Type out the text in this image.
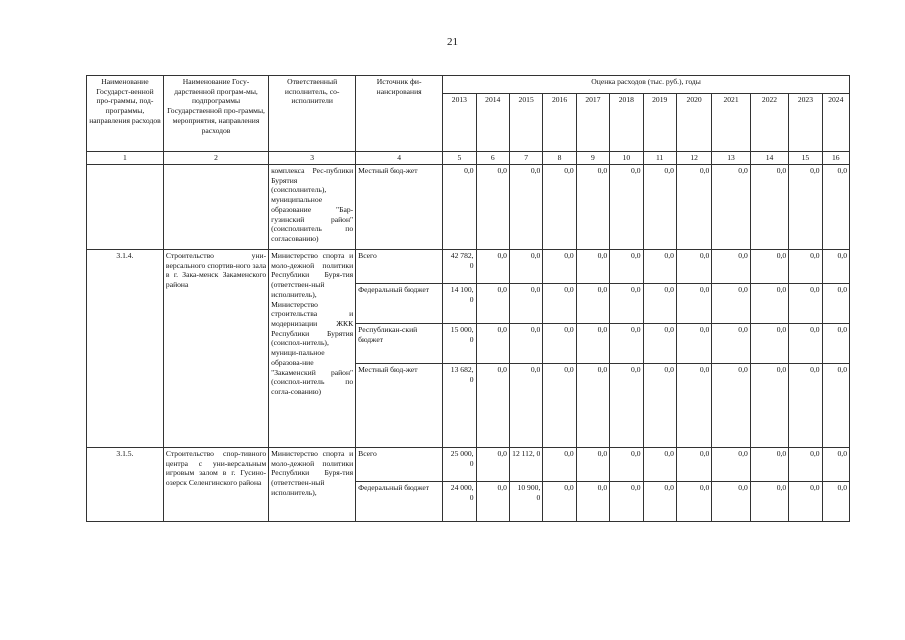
21
Наименование Государст-венной про-граммы, под-программы, направления расходов	Наименование Госу-дарственной програм-мы, подпрограммы Государственной про-граммы, мероприятия, направления расходов	Ответственный исполнитель, со-исполнители	Источник фи-нансирования	Оценка расходов (тыс. руб.), годы											
				2013	2014	2015	2016	2017	2018	2019	2020	2021	2022	2023	2024
1	2	3	4	5	6	7	8	9	10	11	12	13	14	15	16
		комплекса Рес-публики Бурятия (соисполнитель), муниципальное образование "Бар-гузинский район" (соисполнитель по согласованию)	Местный бюд-жет	0,0	0,0	0,0	0,0	0,0	0,0	0,0	0,0	0,0	0,0	0,0	0,0
3.1.4.	Строительство уни-версального спортив-ного зала в г. Зака-менск Закаменского района	Министерство спорта и моло-дежной политики Республики Буря-тия (ответствен-ный исполнитель), Министерство строительства и модернизации ЖКК Республики Бурятия (соиспол-нитель), муници-пальное образова-ние "Закаменский район" (соиспол-нитель по согла-сованию)	Всего	42 782, 0	0,0	0,0	0,0	0,0	0,0	0,0	0,0	0,0	0,0	0,0	0,0
			Федеральный бюджет	14 100, 0	0,0	0,0	0,0	0,0	0,0	0,0	0,0	0,0	0,0	0,0	0,0
			Республикан-ский бюджет	15 000, 0	0,0	0,0	0,0	0,0	0,0	0,0	0,0	0,0	0,0	0,0	0,0
			Местный бюд-жет	13 682, 0	0,0	0,0	0,0	0,0	0,0	0,0	0,0	0,0	0,0	0,0	0,0
3.1.5.	Строительство спор-тивного центра с уни-версальным игровым залом в г. Гусино-озерск Селенгинского района	Министерство спорта и моло-дежной политики Республики Буря-тия (ответствен-ный исполнитель),	Всего	25 000, 0	0,0	12 112, 0	0,0	0,0	0,0	0,0	0,0	0,0	0,0	0,0	0,0
			Федеральный бюджет	24 000, 0	0,0	10 900, 0	0,0	0,0	0,0	0,0	0,0	0,0	0,0	0,0	0,0
